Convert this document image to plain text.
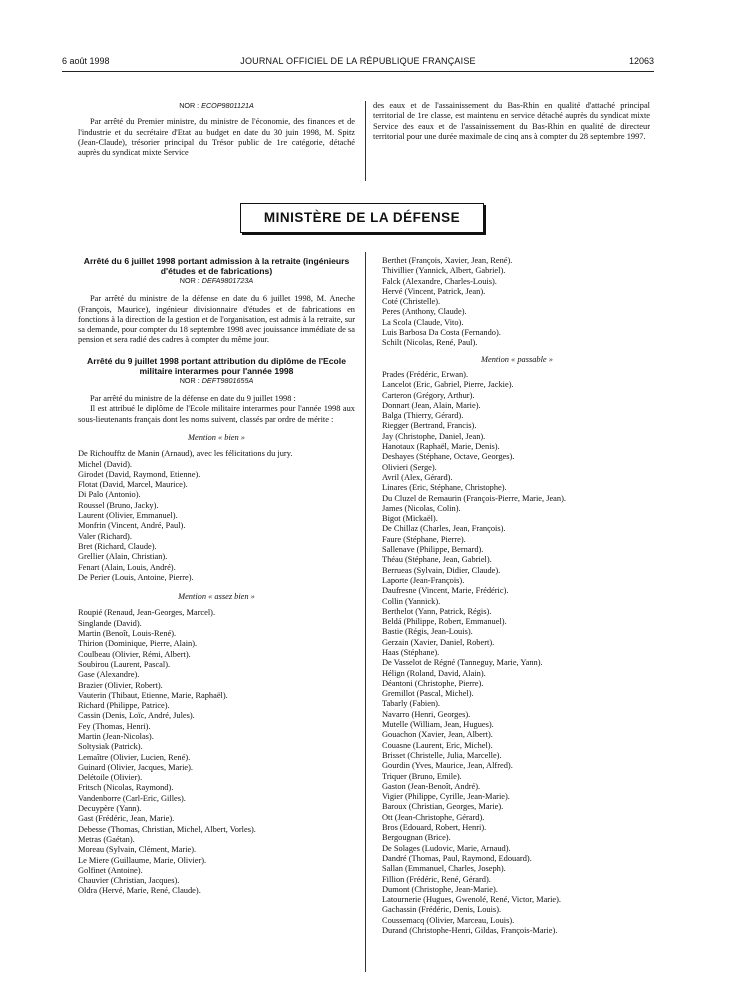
6 août 1998	JOURNAL OFFICIEL DE LA RÉPUBLIQUE FRANÇAISE	12063

NOR : ECOP9801121A

Par arrêté du Premier ministre, du ministre de l'économie, des finances et de l'industrie et du secrétaire d'Etat au budget en date du 30 juin 1998, M. Spitz (Jean-Claude), trésorier principal du Trésor public de 1re catégorie, détaché auprès du syndicat mixte Service

des eaux et de l'assainissement du Bas-Rhin en qualité d'attaché principal territorial de 1re classe, est maintenu en service détaché auprès du syndicat mixte Service des eaux et de l'assainissement du Bas-Rhin en qualité de directeur territorial pour une durée maximale de cinq ans à compter du 28 septembre 1997.

MINISTÈRE DE LA DÉFENSE

Arrêté du 6 juillet 1998 portant admission à la retraite (ingénieurs d'études et de fabrications)

NOR : DEFA9801723A

Par arrêté du ministre de la défense en date du 6 juillet 1998, M. Aneche (François, Maurice), ingénieur divisionnaire d'études et de fabrications en fonctions à la direction de la gestion et de l'organisation, est admis à la retraite, sur sa demande, pour compter du 18 septembre 1998 avec jouissance immédiate de sa pension et sera radié des cadres à compter du même jour.

Arrêté du 9 juillet 1998 portant attribution du diplôme de l'Ecole militaire interarmes pour l'année 1998

NOR : DEFT9801655A

Par arrêté du ministre de la défense en date du 9 juillet 1998 :

Il est attribué le diplôme de l'Ecole militaire interarmes pour l'année 1998 aux sous-lieutenants français dont les noms suivent, classés par ordre de mérite :

Mention « bien »

De Richoufftz de Manin (Arnaud), avec les félicitations du jury.
Michel (David).
Girodet (David, Raymond, Etienne).
Flotat (David, Marcel, Maurice).
Di Palo (Antonio).
Roussel (Bruno, Jacky).
Laurent (Olivier, Emmanuel).
Monfrin (Vincent, André, Paul).
Valer (Richard).
Bret (Richard, Claude).
Grellier (Alain, Christian).
Fenart (Alain, Louis, André).
De Perier (Louis, Antoine, Pierre).

Mention « assez bien »

Roupié (Renaud, Jean-Georges, Marcel).
Singlande (David).
Martin (Benoît, Louis-René).
Thirion (Dominique, Pierre, Alain).
Coulbeau (Olivier, Rémi, Albert).
Soubirou (Laurent, Pascal).
Gase (Alexandre).
Brazier (Olivier, Robert).
Vauterin (Thibaut, Etienne, Marie, Raphaël).
Richard (Philippe, Patrice).
Cassin (Denis, Loïc, André, Jules).
Fey (Thomas, Henri).
Martin (Jean-Nicolas).
Soltysiak (Patrick).
Lemaître (Olivier, Lucien, René).
Guinard (Olivier, Jacques, Marie).
Delétoile (Olivier).
Fritsch (Nicolas, Raymond).
Vandenborre (Carl-Eric, Gilles).
Decuypère (Yann).
Gast (Frédéric, Jean, Marie).
Debesse (Thomas, Christian, Michel, Albert, Vorles).
Metras (Gaétan).
Moreau (Sylvain, Clément, Marie).
Le Miere (Guillaume, Marie, Olivier).
Golfinet (Antoine).
Chauvier (Christian, Jacques).
Oldra (Hervé, Marie, René, Claude).
Berthet (François, Xavier, Jean, René).
Thivillier (Yannick, Albert, Gabriel).
Falck (Alexandre, Charles-Louis).
Hervé (Vincent, Patrick, Jean).
Coté (Christelle).
Peres (Anthony, Claude).
La Scola (Claude, Vito).
Luis Barbosa Da Costa (Fernando).
Schilt (Nicolas, René, Paul).

Mention « passable »

Prades (Frédéric, Erwan).
Lancelot (Eric, Gabriel, Pierre, Jackie).
Carteron (Grégory, Arthur).
Donnart (Jean, Alain, Marie).
Balga (Thierry, Gérard).
Riegger (Bertrand, Francis).
Jay (Christophe, Daniel, Jean).
Hanotaux (Raphaël, Marie, Denis).
Deshayes (Stéphane, Octave, Georges).
Olivieri (Serge).
Avril (Alex, Gérard).
Linares (Eric, Stéphane, Christophe).
Du Cluzel de Remaurin (François-Pierre, Marie, Jean).
James (Nicolas, Colin).
Bigot (Mickaël).
De Chillaz (Charles, Jean, François).
Faure (Stéphane, Pierre).
Sallenave (Philippe, Bernard).
Théau (Stéphane, Jean, Gabriel).
Berrueas (Sylvain, Didier, Claude).
Laporte (Jean-François).
Daufresne (Vincent, Marie, Frédéric).
Collin (Yannick).
Berthelot (Yann, Patrick, Régis).
Beldá (Philippe, Robert, Emmanuel).
Bastie (Régis, Jean-Louis).
Gerzain (Xavier, Daniel, Robert).
Haas (Stéphane).
De Vasselot de Régné (Tanneguy, Marie, Yann).
Hélign (Roland, David, Alain).
Déantoni (Christophe, Pierre).
Gremillot (Pascal, Michel).
Tabarly (Fabien).
Navarro (Henri, Georges).
Mutelle (William, Jean, Hugues).
Gouachon (Xavier, Jean, Albert).
Couasne (Laurent, Eric, Michel).
Brisset (Christelle, Julia, Marcelle).
Gourdin (Yves, Maurice, Jean, Alfred).
Triquer (Bruno, Emile).
Gaston (Jean-Benoît, André).
Vigier (Philippe, Cyrille, Jean-Marie).
Baroux (Christian, Georges, Marie).
Ott (Jean-Christophe, Gérard).
Bros (Edouard, Robert, Henri).
Bergougnan (Brice).
De Solages (Ludovic, Marie, Arnaud).
Dandré (Thomas, Paul, Raymond, Edouard).
Sallan (Emmanuel, Charles, Joseph).
Fillion (Frédéric, René, Gérard).
Dumont (Christophe, Jean-Marie).
Latournerie (Hugues, Gwenolé, René, Victor, Marie).
Gachassin (Frédéric, Denis, Louis).
Coussemacq (Olivier, Marceau, Louis).
Durand (Christophe-Henri, Gildas, François-Marie).
